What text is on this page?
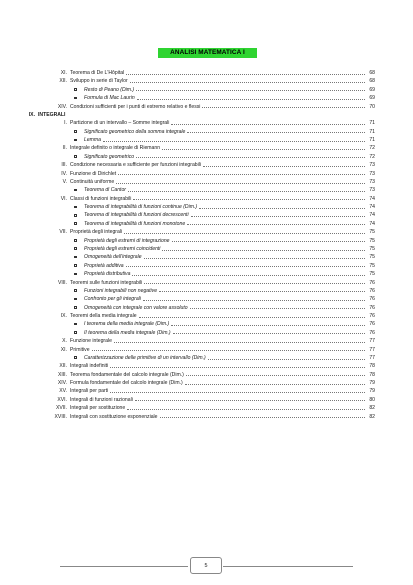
ANALISI MATEMATICA I
XI. Teorema di De L'Hôpital	68
XII. Sviluppo in serie di Taylor	68
Resto di Peano (Dim.)	69
Formula di Mac Laurin	69
XIV. Condizioni sufficienti per i punti di estremo relativo e flessi	70
IX. INTEGRALI
I. Partizione di un intervallo – Somme integrali	71
Significato geometrico della somma integrale	71
Lemma	71
II. Integrale definito o integrale di Riemann	72
Significato geometrico	72
III. Condizione necessaria e sufficiente per funzioni integrabili	73
IV. Funzione di Dirichlet	73
V. Continuità uniforme	73
Teorema di Cantor	73
VI. Classi di funzioni integrabili	74
Teorema di integrabilità di funzioni continue (Dim.)	74
Teorema di integrabilità di funzioni decrescenti	74
Teorema di integrabilità di funzioni monotone	74
VII. Proprietà degli integrali	75
Proprietà degli estremi di integrazione	75
Proprietà degli estremi coincidenti	75
Omogeneità dell'integrale	75
Proprietà additiva	75
Proprietà distributiva	75
VIII. Teoremi sulle funzioni integrabili	76
Funzioni integrabili non negative	76
Confronto per gli integrali	76
Omogeneità con integrale con valore assoluto	76
IX. Teoremi della media integrale	76
I teorema della media integrale (Dim.)	76
II teorema della media integrale (Dim.)	76
X. Funzione integrale	77
XI. Primitive	77
Caratterizzazione delle primitive di un intervallo (Dim.)	77
XII. Integrali indefiniti	78
XIII. Teorema fondamentale del calcolo integrale (Dim.)	78
XIV. Formula fondamentale del calcolo integrale (Dim.)	79
XV. Integrali per parti	79
XVI. Integrali di funzioni razionali	80
XVII. Integrali per sostituzione	82
XVIII. Integrali con sostituzione esponenziale	82
5
